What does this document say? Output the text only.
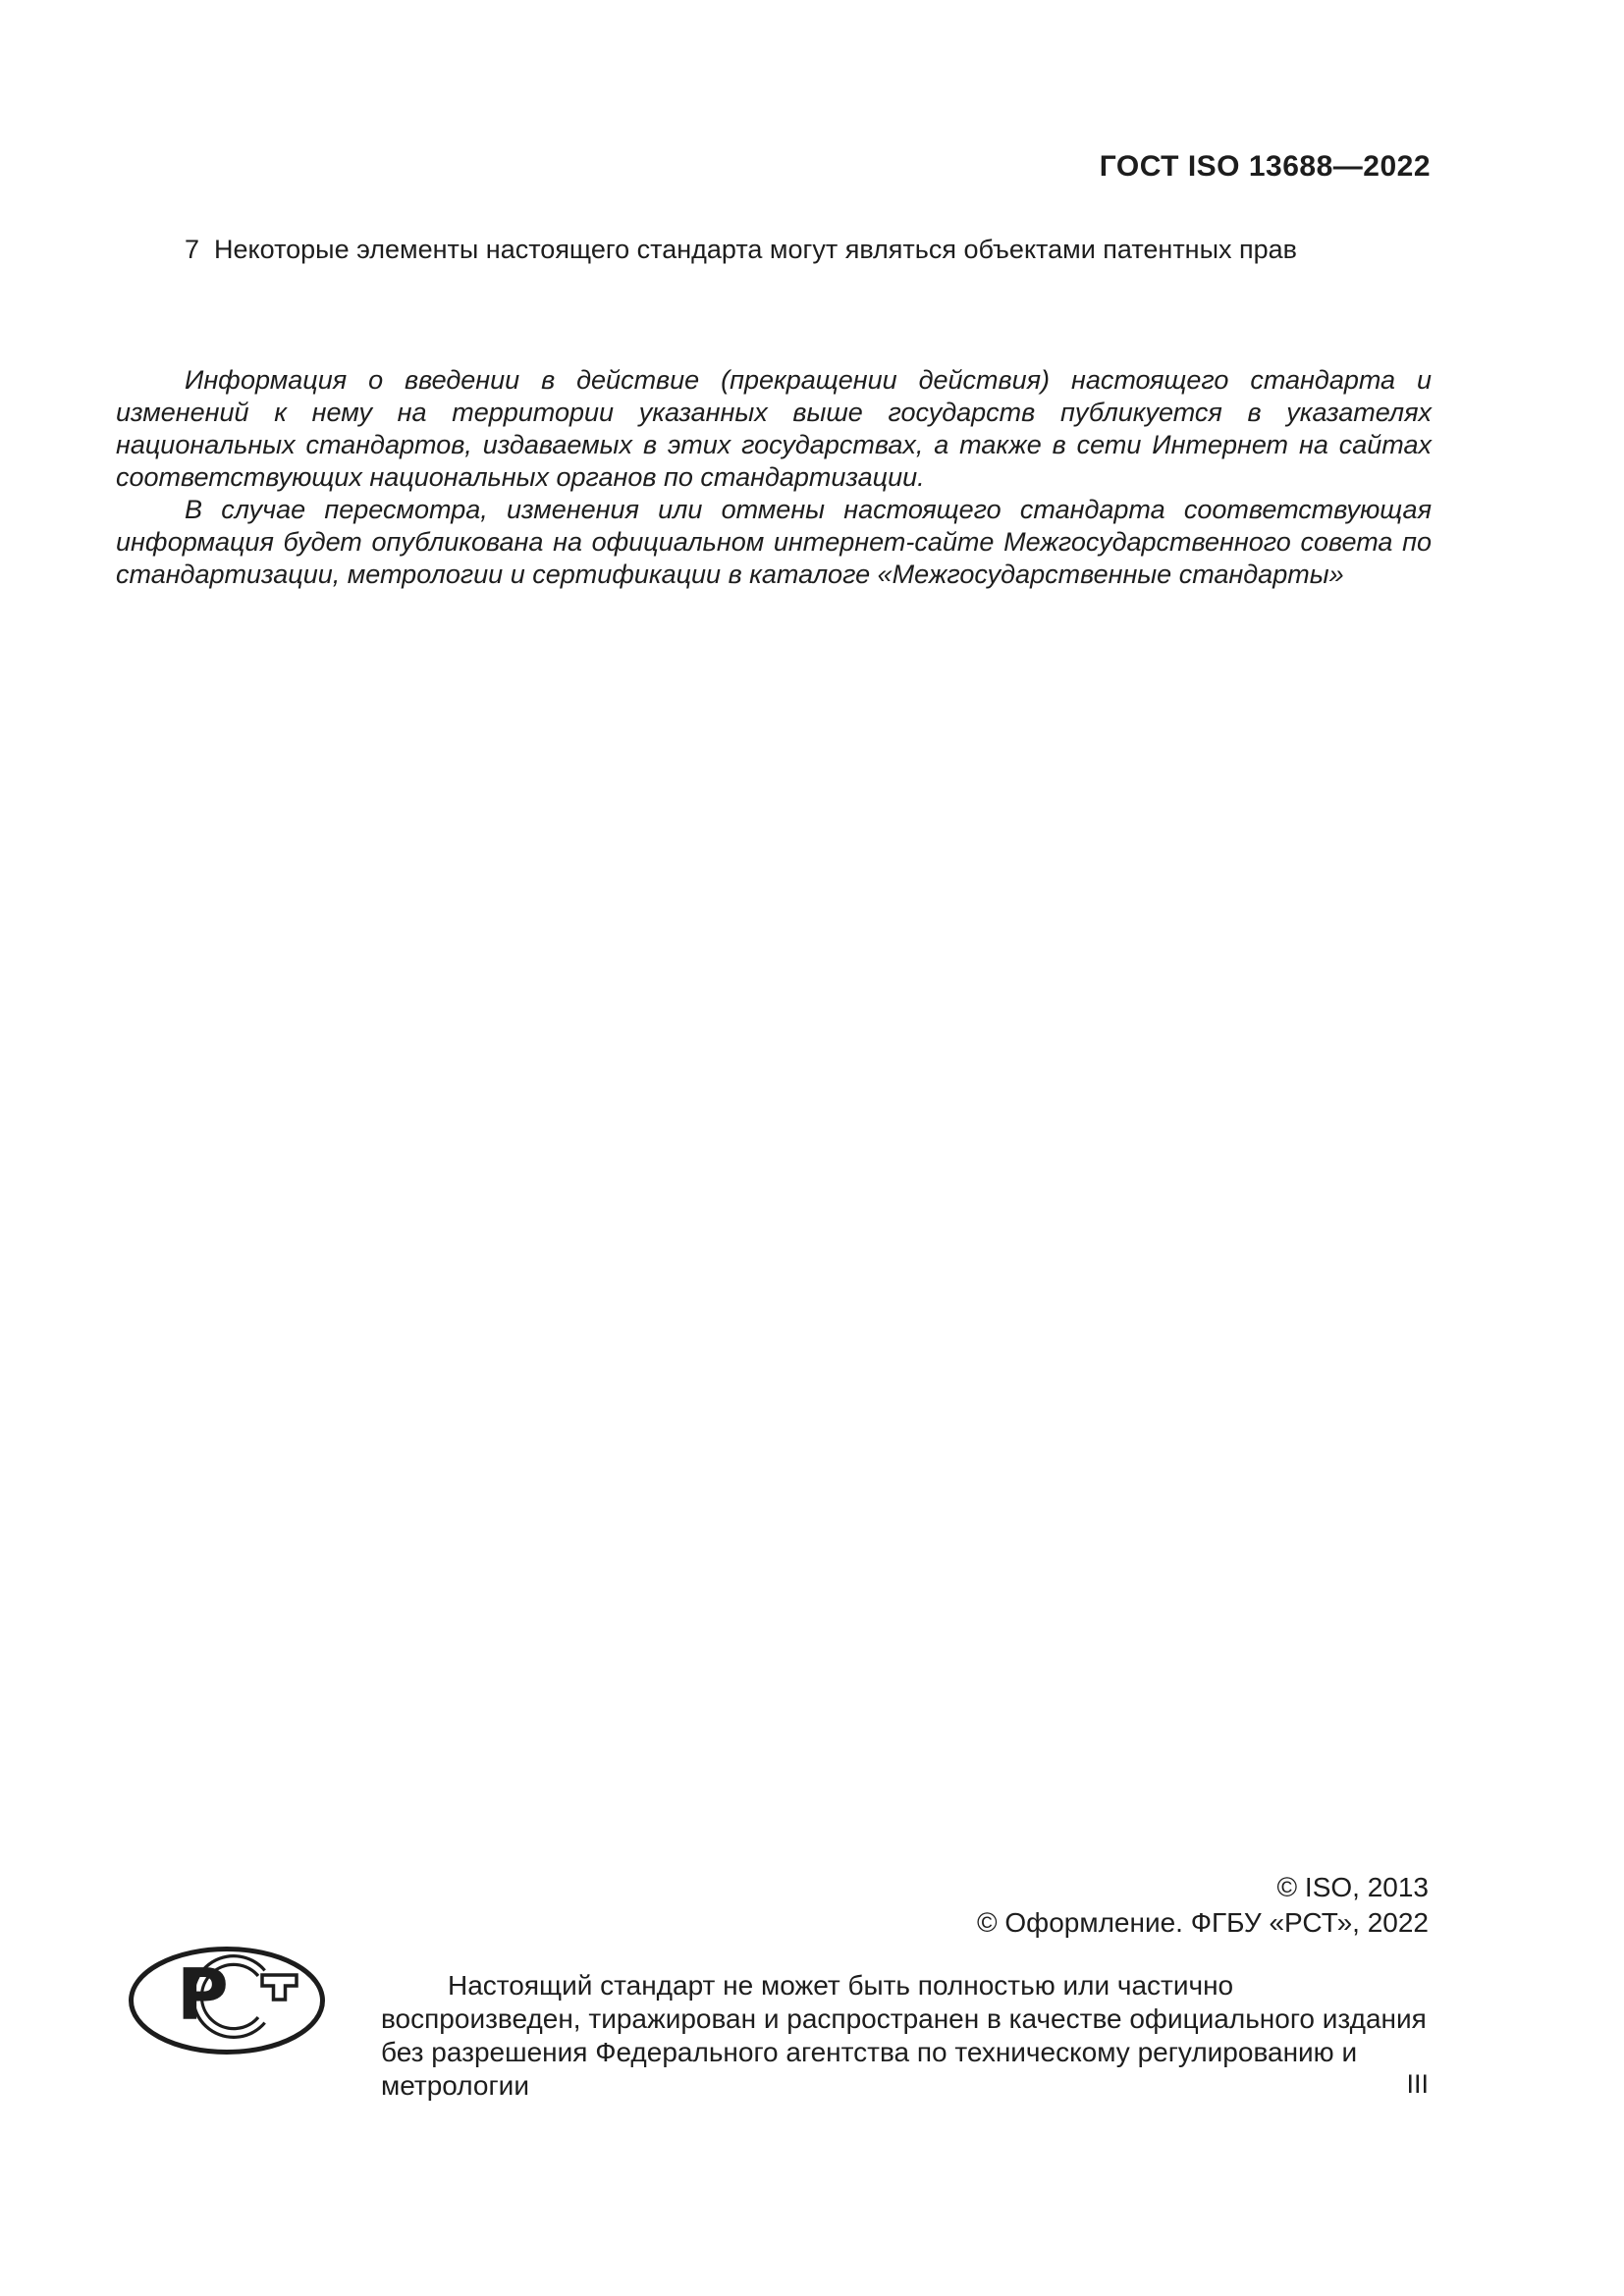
ГОСТ ISO 13688—2022
7  Некоторые элементы настоящего стандарта могут являться объектами патентных прав

Информация о введении в действие (прекращении действия) настоящего стандарта и изменений к нему на территории указанных выше государств публикуется в указателях национальных стандартов, издаваемых в этих государствах, а также в сети Интернет на сайтах соответствующих национальных органов по стандартизации.

В случае пересмотра, изменения или отмены настоящего стандарта соответствующая информация будет опубликована на официальном интернет-сайте Межгосударственного совета по стандартизации, метрологии и сертификации в каталоге «Межгосударственные стандарты»

© ISO, 2013
© Оформление. ФГБУ «РСТ», 2022
Р	Настоящий стандарт не может быть полностью или частично воспроизведен, тиражирован и распространен в качестве официального издания без разрешения Федерального агентства по техническому регулированию и метрологии	III
